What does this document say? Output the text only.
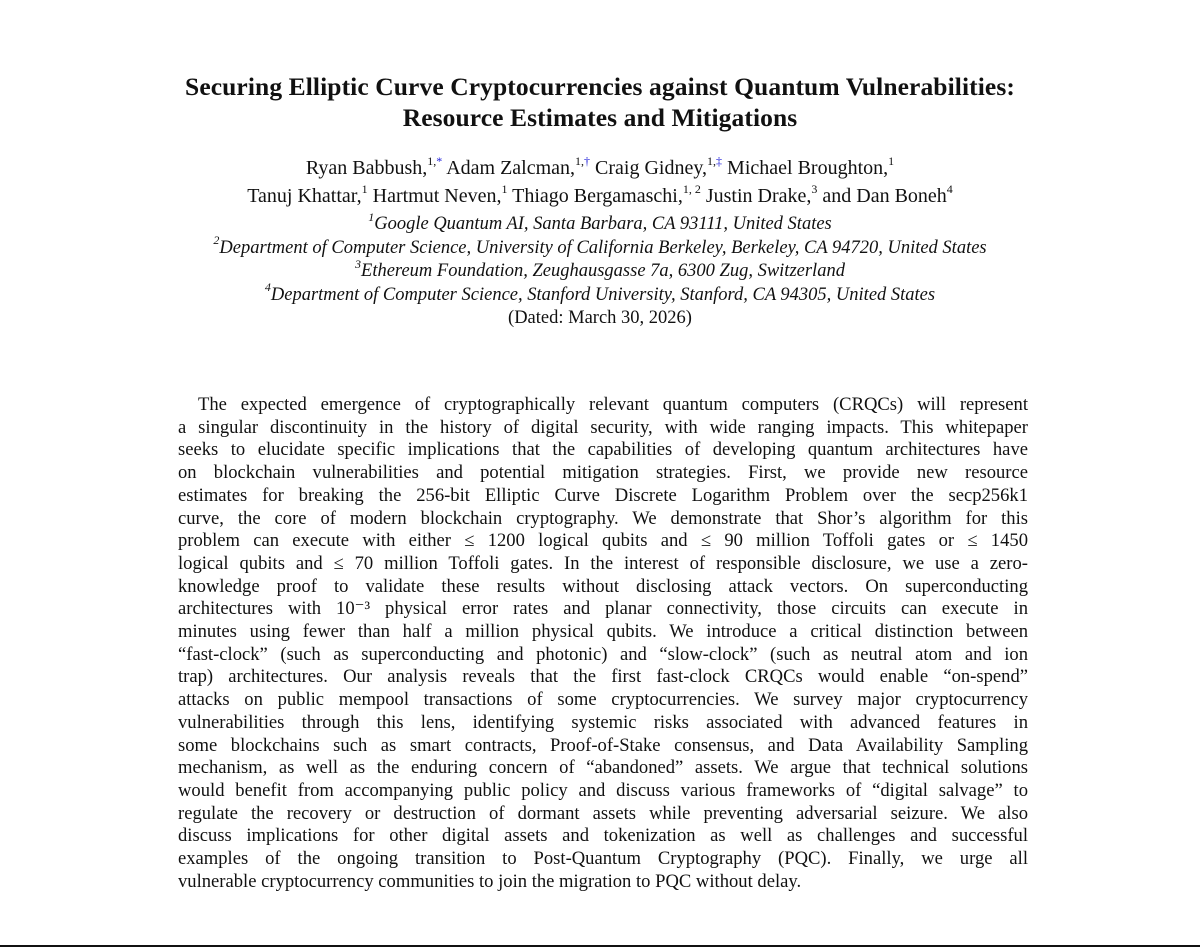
Securing Elliptic Curve Cryptocurrencies against Quantum Vulnerabilities:
Resource Estimates and Mitigations
Ryan Babbush,$^{1,*}$ Adam Zalcman,$^{1,\dagger}$ Craig Gidney,$^{1,\ddagger}$ Michael Broughton,$^1$
Tanuj Khattar,$^1$ Hartmut Neven,$^1$ Thiago Bergamaschi,$^{1, 2}$ Justin Drake,$^3$ and Dan Boneh$^4$
$^1$Google Quantum AI, Santa Barbara, CA 93111, United States
$^2$Department of Computer Science, University of California Berkeley, Berkeley, CA 94720, United States
$^3$Ethereum Foundation, Zeughausgasse 7a, 6300 Zug, Switzerland
$^4$Department of Computer Science, Stanford University, Stanford, CA 94305, United States
(Dated: March 30, 2026)
The expected emergence of cryptographically relevant quantum computers (CRQCs) will represent
a singular discontinuity in the history of digital security, with wide ranging impacts. This whitepaper
seeks to elucidate specific implications that the capabilities of developing quantum architectures have
on blockchain vulnerabilities and potential mitigation strategies. First, we provide new resource
estimates for breaking the 256-bit Elliptic Curve Discrete Logarithm Problem over the secp256k1
curve, the core of modern blockchain cryptography. We demonstrate that Shor’s algorithm for this
problem can execute with either ≤ 1200 logical qubits and ≤ 90 million Toffoli gates or ≤ 1450
logical qubits and ≤ 70 million Toffoli gates. In the interest of responsible disclosure, we use a zero-
knowledge proof to validate these results without disclosing attack vectors. On superconducting
architectures with 10⁻³ physical error rates and planar connectivity, those circuits can execute in
minutes using fewer than half a million physical qubits. We introduce a critical distinction between
“fast-clock” (such as superconducting and photonic) and “slow-clock” (such as neutral atom and ion
trap) architectures. Our analysis reveals that the first fast-clock CRQCs would enable “on-spend”
attacks on public mempool transactions of some cryptocurrencies. We survey major cryptocurrency
vulnerabilities through this lens, identifying systemic risks associated with advanced features in
some blockchains such as smart contracts, Proof-of-Stake consensus, and Data Availability Sampling
mechanism, as well as the enduring concern of “abandoned” assets. We argue that technical solutions
would benefit from accompanying public policy and discuss various frameworks of “digital salvage” to
regulate the recovery or destruction of dormant assets while preventing adversarial seizure. We also
discuss implications for other digital assets and tokenization as well as challenges and successful
examples of the ongoing transition to Post-Quantum Cryptography (PQC). Finally, we urge all
vulnerable cryptocurrency communities to join the migration to PQC without delay.
